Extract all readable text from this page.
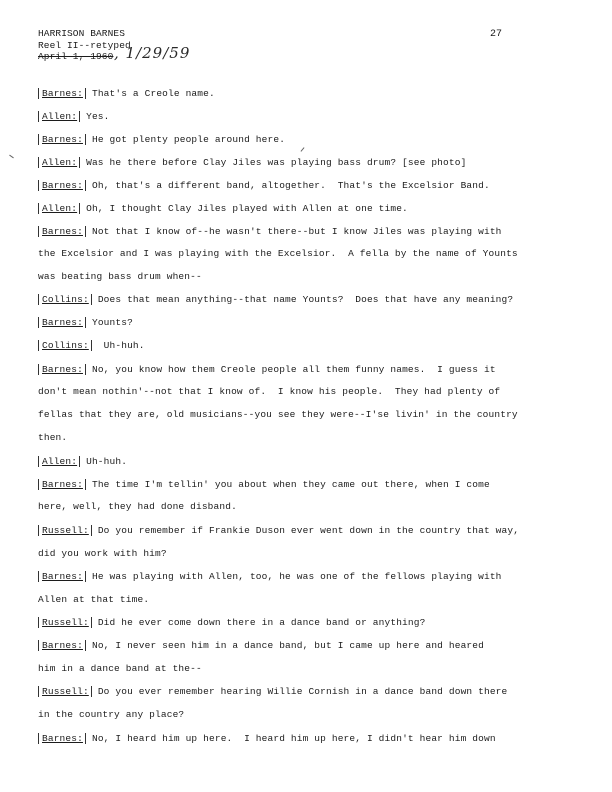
HARRISON BARNES
Reel II--retyped
April 1, 1960 , 1/29/59
27
Barnes: That's a Creole name.
Allen: Yes.
Barnes: He got plenty people around here.
Allen: Was he there before Clay Jiles was playing bass drum? [see photo]
Barnes: Oh, that's a different band, altogether.  That's the Excelsior Band.
Allen: Oh, I thought Clay Jiles played with Allen at one time.
Barnes: Not that I know of--he wasn't there--but I know Jiles was playing with
the Excelsior and I was playing with the Excelsior.  A fella by the name of Younts
was beating bass drum when--
Collins: Does that mean anything--that name Younts?  Does that have any meaning?
Barnes: Younts?
Collins: Uh-huh.
Barnes: No, you know how them Creole people all them funny names.  I guess it
don't mean nothin'--not that I know of.  I know his people.  They had plenty of
fellas that they are, old musicians--you see they were--I'se livin' in the country
then.
Allen: Uh-huh.
Barnes: The time I'm tellin' you about when they came out there, when I come
here, well, they had done disband.
Russell: Do you remember if Frankie Duson ever went down in the country that way,
did you work with him?
Barnes: He was playing with Allen, too, he was one of the fellows playing with
Allen at that time.
Russell: Did he ever come down there in a dance band or anything?
Barnes: No, I never seen him in a dance band, but I came up here and heared
him in a dance band at the--
Russell: Do you ever remember hearing Willie Cornish in a dance band down there
in the country any place?
Barnes: No, I heard him up here.  I heard him up here, I didn't hear him down
